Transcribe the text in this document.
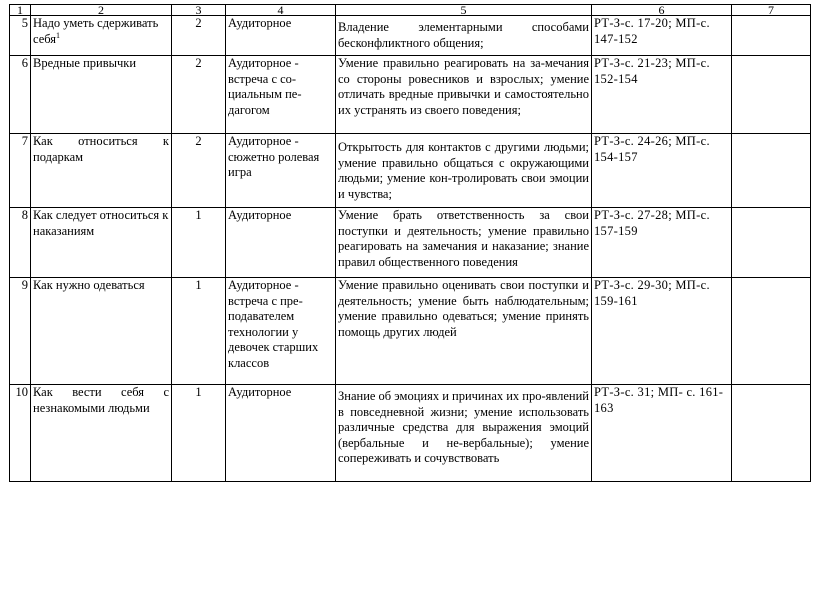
1	2	3	4	5	6	7
5	Надо уметь сдерживать себя$^1$	2	Аудиторное	Владение элементарными способами бесконфликтного общения;	РТ-З-с. 17-20; МП-с. 147-152	
6	Вредные привычки	2	Аудиторное - встреча с со-циальным пе-дагогом	Умение правильно реагировать на за-мечания со стороны ровесников и взрослых; умение отличать вредные привычки и самостоятельно их устранять из своего поведения;	РТ-З-с. 21-23; МП-с. 152-154	
7	Как относиться к подаркам	2	Аудиторное - сюжетно ролевая игра	Открытость для контактов с другими людьми; умение правильно общаться с окружающими людьми; умение кон-тролировать свои эмоции и чувства;	РТ-З-с. 24-26; МП-с. 154-157	
8	Как следует относиться к наказаниям	1	Аудиторное	Умение брать ответственность за свои поступки и деятельность; умение правильно реагировать на замечания и наказание; знание правил общественного поведения	РТ-З-с. 27-28; МП-с. 157-159	
9	Как нужно одеваться	1	Аудиторное - встреча с пре-подавателем технологии у девочек старших классов	Умение правильно оценивать свои поступки и деятельность; умение быть наблюдательным; умение правильно одеваться; умение принять помощь других людей	РТ-З-с. 29-30; МП-с. 159-161	
10	Как вести себя с незнакомыми людьми	1	Аудиторное	Знание об эмоциях и причинах их про-явлений в повседневной жизни; умение использовать различные средства для выражения эмоций (вербальные и не-вербальные); умение сопереживать и сочувствовать	РТ-З-с. 31; МП- с. 161-163	
